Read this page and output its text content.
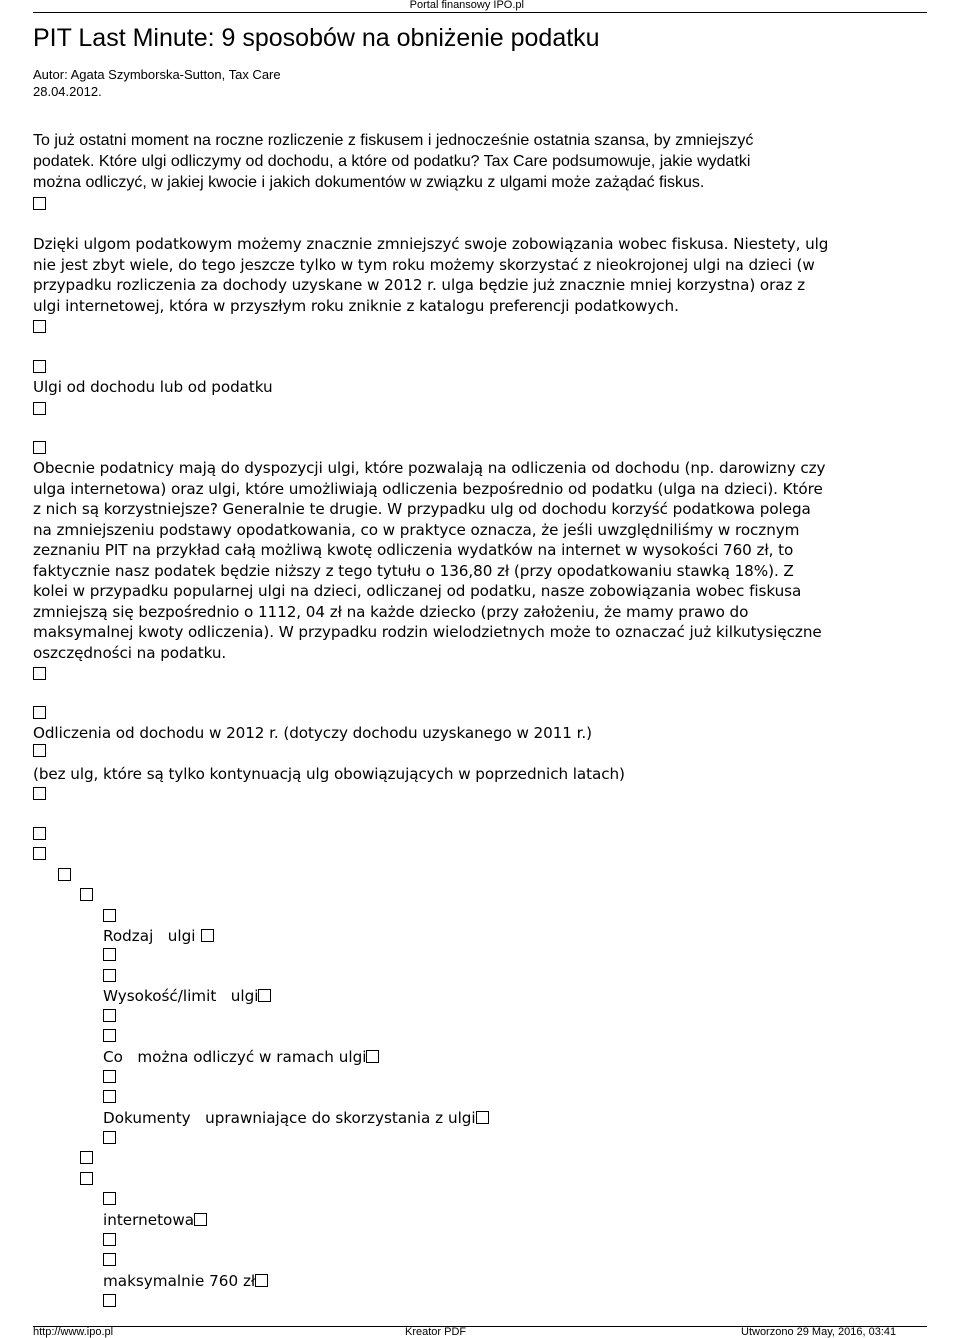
Portal finansowy IPO.pl
PIT Last Minute: 9 sposobów na obniżenie podatku
Autor: Agata Szymborska-Sutton, Tax Care
28.04.2012.
To już ostatni moment na roczne rozliczenie z fiskusem i jednocześnie ostatnia szansa, by zmniejszyć
podatek. Które ulgi odliczymy od dochodu, a które od podatku? Tax Care podsumowuje, jakie wydatki
można odliczyć, w jakiej kwocie i jakich dokumentów w związku z ulgami może zażądać fiskus.
Dzięki ulgom podatkowym możemy znacznie zmniejszyć swoje zobowiązania wobec fiskusa. Niestety, ulg
nie jest zbyt wiele, do tego jeszcze tylko w tym roku możemy skorzystać z nieokrojonej ulgi na dzieci (w
przypadku rozliczenia za dochody uzyskane w 2012 r. ulga będzie już znacznie mniej korzystna) oraz z
ulgi internetowej, która w przyszłym roku zniknie z katalogu preferencji podatkowych.
Ulgi od dochodu lub od podatku
Obecnie podatnicy mają do dyspozycji ulgi, które pozwalają na odliczenia od dochodu (np. darowizny czy
ulga internetowa) oraz ulgi, które umożliwiają odliczenia bezpośrednio od podatku (ulga na dzieci). Które
z nich są korzystniejsze? Generalnie te drugie. W przypadku ulg od dochodu korzyść podatkowa polega
na zmniejszeniu podstawy opodatkowania, co w praktyce oznacza, że jeśli uwzględniliśmy w rocznym
zeznaniu PIT na przykład całą możliwą kwotę odliczenia wydatków na internet w wysokości 760 zł, to
faktycznie nasz podatek będzie niższy z tego tytułu o 136,80 zł (przy opodatkowaniu stawką 18%). Z
kolei w przypadku popularnej ulgi na dzieci, odliczanej od podatku, nasze zobowiązania wobec fiskusa
zmniejszą się bezpośrednio o 1112, 04 zł na każde dziecko (przy założeniu, że mamy prawo do
maksymalnej kwoty odliczenia). W przypadku rodzin wielodzietnych może to oznaczać już kilkutysięczne
oszczędności na podatku.
Odliczenia od dochodu w 2012 r. (dotyczy dochodu uzyskanego w 2011 r.)
(bez ulg, które są tylko kontynuacją ulg obowiązujących w poprzednich latach)
Rodzaj   ulgi
Wysokość/limit   ulgi
Co   można odliczyć w ramach ulgi
Dokumenty   uprawniające do skorzystania z ulgi
internetowa
maksymalnie 760 zł
http://www.ipo.pl	Kreator PDF	Utworzono 29 May, 2016, 03:41
